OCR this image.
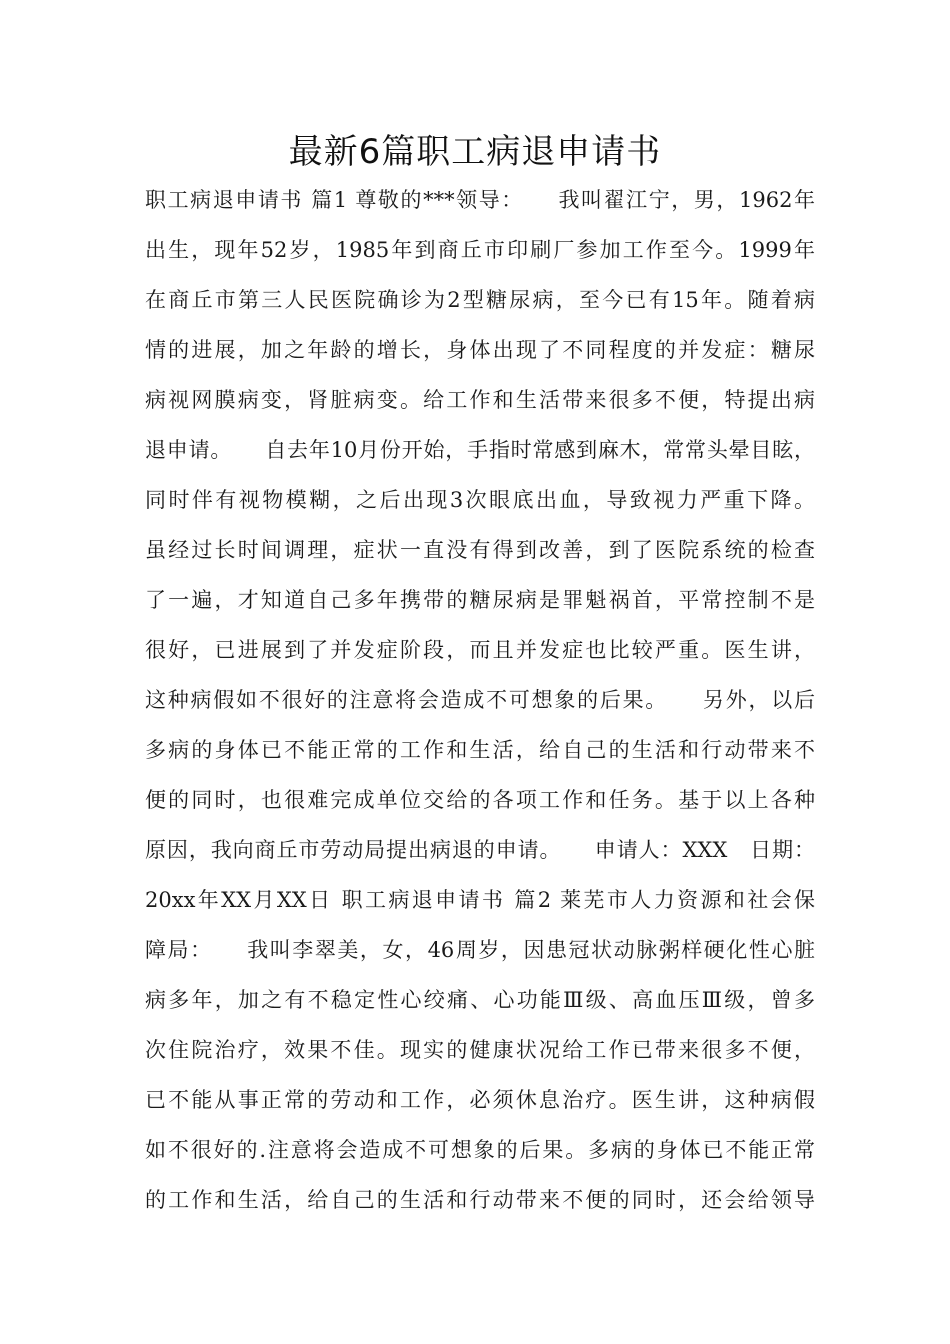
最新6篇职工病退申请书
职工病退申请书 篇1 尊敬的***领导：　　我叫翟江宁，男，1962年
出生，现年52岁，1985年到商丘市印刷厂参加工作至今。1999年
在商丘市第三人民医院确诊为2型糖尿病，至今已有15年。随着病
情的进展，加之年龄的增长，身体出现了不同程度的并发症：糖尿
病视网膜病变，肾脏病变。给工作和生活带来很多不便，特提出病
退申请。　　自去年10月份开始，手指时常感到麻木，常常头晕目眩，
同时伴有视物模糊，之后出现3次眼底出血，导致视力严重下降。
虽经过长时间调理，症状一直没有得到改善，到了医院系统的检查
了一遍，才知道自己多年携带的糖尿病是罪魁祸首，平常控制不是
很好，已进展到了并发症阶段，而且并发症也比较严重。医生讲，
这种病假如不很好的注意将会造成不可想象的后果。　　另外，以后
多病的身体已不能正常的工作和生活，给自己的生活和行动带来不
便的同时，也很难完成单位交给的各项工作和任务。基于以上各种
原因，我向商丘市劳动局提出病退的申请。　　申请人：XXX　日期：
20xx年XX月XX日 职工病退申请书 篇2 莱芜市人力资源和社会保
障局：　　我叫李翠美，女，46周岁，因患冠状动脉粥样硬化性心脏
病多年，加之有不稳定性心绞痛、心功能Ⅲ级、高血压Ⅲ级，曾多
次住院治疗，效果不佳。现实的健康状况给工作已带来很多不便，
已不能从事正常的劳动和工作，必须休息治疗。医生讲，这种病假
如不很好的.注意将会造成不可想象的后果。多病的身体已不能正常
的工作和生活，给自己的生活和行动带来不便的同时，还会给领导
